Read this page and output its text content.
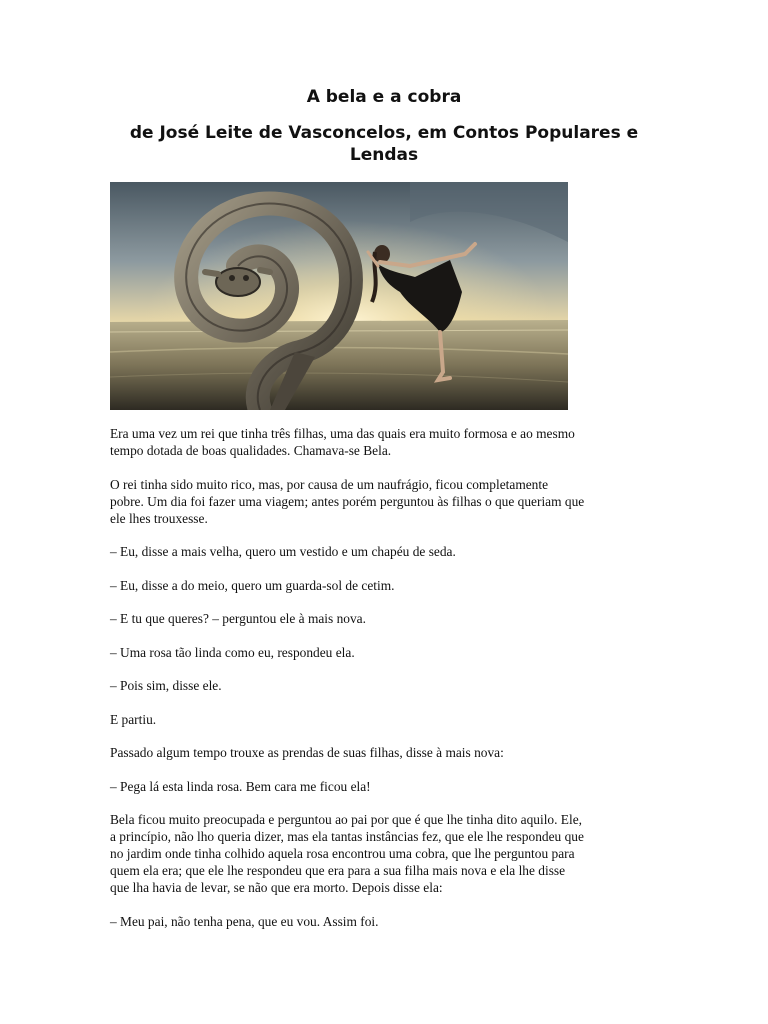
A bela e a cobra
de José Leite de Vasconcelos, em Contos Populares e Lendas

Era uma vez um rei que tinha três filhas, uma das quais era muito formosa e ao mesmo
tempo dotada de boas qualidades. Chamava-se Bela.

O rei tinha sido muito rico, mas, por causa de um naufrágio, ficou completamente
pobre. Um dia foi fazer uma viagem; antes porém perguntou às filhas o que queriam que
ele lhes trouxesse.

– Eu, disse a mais velha, quero um vestido e um chapéu de seda.

– Eu, disse a do meio, quero um guarda-sol de cetim.

– E tu que queres? – perguntou ele à mais nova.

– Uma rosa tão linda como eu, respondeu ela.

– Pois sim, disse ele.

E partiu.

Passado algum tempo trouxe as prendas de suas filhas, disse à mais nova:

– Pega lá esta linda rosa. Bem cara me ficou ela!

Bela ficou muito preocupada e perguntou ao pai por que é que lhe tinha dito aquilo. Ele,
a princípio, não lho queria dizer, mas ela tantas instâncias fez, que ele lhe respondeu que
no jardim onde tinha colhido aquela rosa encontrou uma cobra, que lhe perguntou para
quem ela era; que ele lhe respondeu que era para a sua filha mais nova e ela lhe disse
que lha havia de levar, se não que era morto. Depois disse ela:

– Meu pai, não tenha pena, que eu vou. Assim foi.
